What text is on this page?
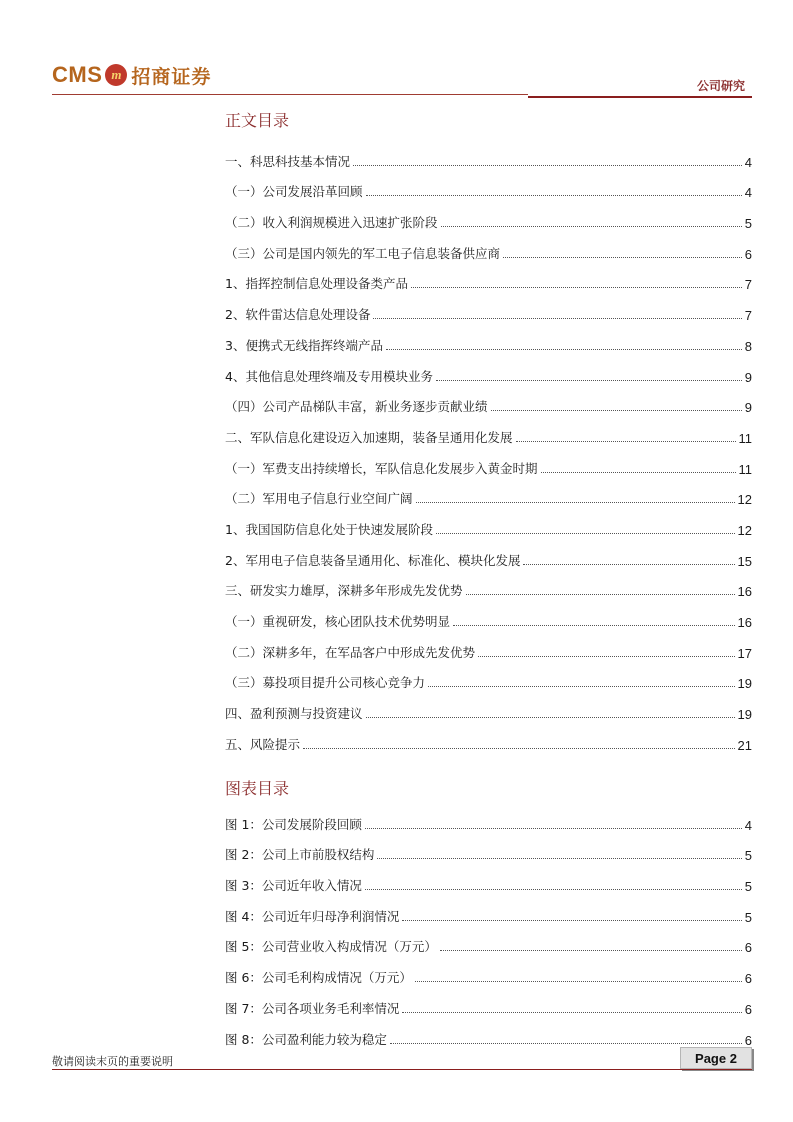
CMS m 招商证券	公司研究
正文目录
一、科思科技基本情况	4
（一）公司发展沿革回顾	4
（二）收入利润规模进入迅速扩张阶段	5
（三）公司是国内领先的军工电子信息装备供应商	6
1、指挥控制信息处理设备类产品	7
2、软件雷达信息处理设备	7
3、便携式无线指挥终端产品	8
4、其他信息处理终端及专用模块业务	9
（四）公司产品梯队丰富，新业务逐步贡献业绩	9
二、军队信息化建设迈入加速期，装备呈通用化发展	11
（一）军费支出持续增长，军队信息化发展步入黄金时期	11
（二）军用电子信息行业空间广阔	12
1、我国国防信息化处于快速发展阶段	12
2、军用电子信息装备呈通用化、标准化、模块化发展	15
三、研发实力雄厚，深耕多年形成先发优势	16
（一）重视研发，核心团队技术优势明显	16
（二）深耕多年，在军品客户中形成先发优势	17
（三）募投项目提升公司核心竞争力	19
四、盈利预测与投资建议	19
五、风险提示	21
图表目录
图 1：公司发展阶段回顾	4
图 2：公司上市前股权结构	5
图 3：公司近年收入情况	5
图 4：公司近年归母净利润情况	5
图 5：公司营业收入构成情况（万元）	6
图 6：公司毛利构成情况（万元）	6
图 7：公司各项业务毛利率情况	6
图 8：公司盈利能力较为稳定	6
敬请阅读末页的重要说明	Page 2
